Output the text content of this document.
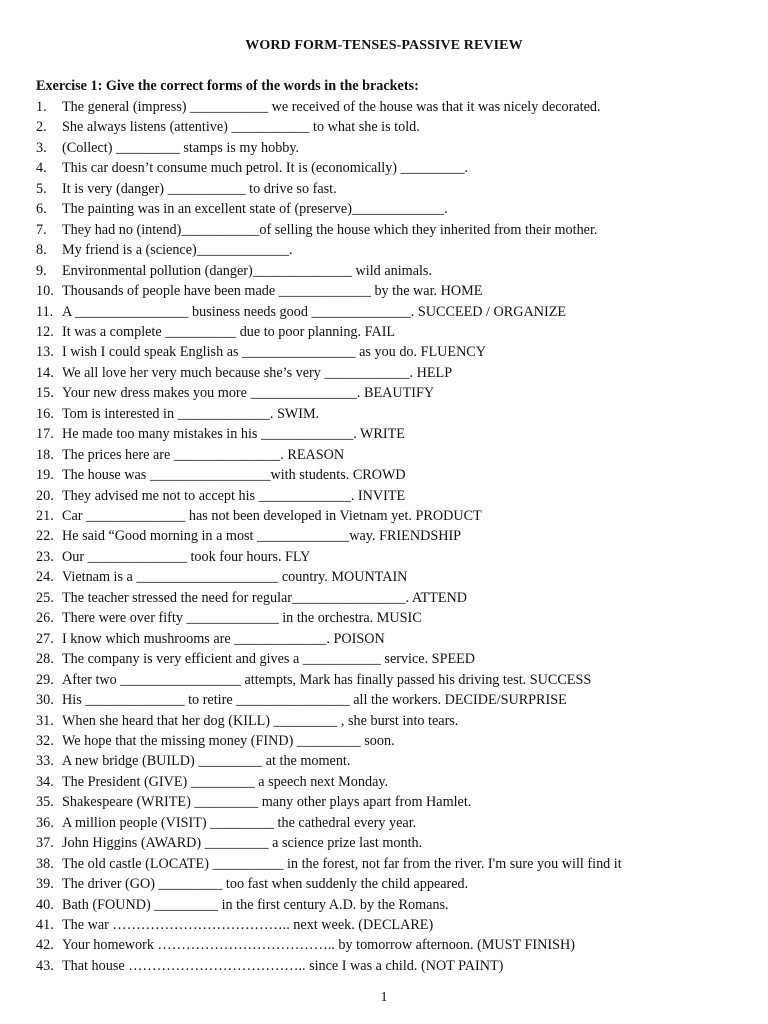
WORD FORM-TENSES-PASSIVE REVIEW
Exercise 1: Give the correct forms of the words in the brackets:
1. The general (impress) ___________ we received of the house was that it was nicely decorated.
2. She always listens (attentive) ___________ to what she is told.
3. (Collect) _________ stamps is my hobby.
4. This car doesn’t consume much petrol. It is (economically) _________.
5. It is very (danger) ___________ to drive so fast.
6. The painting was in an excellent state of (preserve)_____________.
7. They had no (intend)___________of selling the house which they inherited from their mother.
8. My friend is a (science)_____________.
9. Environmental pollution (danger)______________ wild animals.
10. Thousands of people have been made _____________ by the war. HOME
11. A ________________ business needs good ______________. SUCCEED / ORGANIZE
12. It was a complete __________ due to poor planning. FAIL
13. I wish I could speak English as ________________ as you do. FLUENCY
14. We all love her very much because she’s very ____________. HELP
15. Your new dress makes you more _______________. BEAUTIFY
16. Tom is interested in _____________. SWIM.
17. He made too many mistakes in his _____________. WRITE
18. The prices here are _______________. REASON
19. The house was _________________with students. CROWD
20. They advised me not to accept his _____________. INVITE
21. Car ______________ has not been developed in Vietnam yet. PRODUCT
22. He said “Good morning in a most _____________way. FRIENDSHIP
23. Our ______________ took four hours. FLY
24. Vietnam is a ____________________ country. MOUNTAIN
25. The teacher stressed the need for regular________________. ATTEND
26. There were over fifty _____________ in the orchestra. MUSIC
27. I know which mushrooms are _____________. POISON
28. The company is very efficient and gives a ___________ service. SPEED
29. After two _________________ attempts, Mark has finally passed his driving test. SUCCESS
30. His ______________ to retire ________________ all the workers. DECIDE/SURPRISE
31. When she heard that her dog (KILL) _________ , she burst into tears.
32. We hope that the missing money (FIND) _________ soon.
33. A new bridge (BUILD) _________ at the moment.
34. The President (GIVE) _________ a speech next Monday.
35. Shakespeare (WRITE) _________ many other plays apart from Hamlet.
36. A million people (VISIT) _________ the cathedral every year.
37. John Higgins (AWARD) _________ a science prize last month.
38. The old castle (LOCATE) __________ in the forest, not far from the river. I'm sure you will find it
39. The driver (GO) _________ too fast when suddenly the child appeared.
40. Bath (FOUND) _________ in the first century A.D. by the Romans.
41. The war ……………………………….. next week. (DECLARE)
42. Your homework ……………………………….. by tomorrow afternoon. (MUST FINISH)
43. That house ……………………………….. since I was a child. (NOT PAINT)
1
